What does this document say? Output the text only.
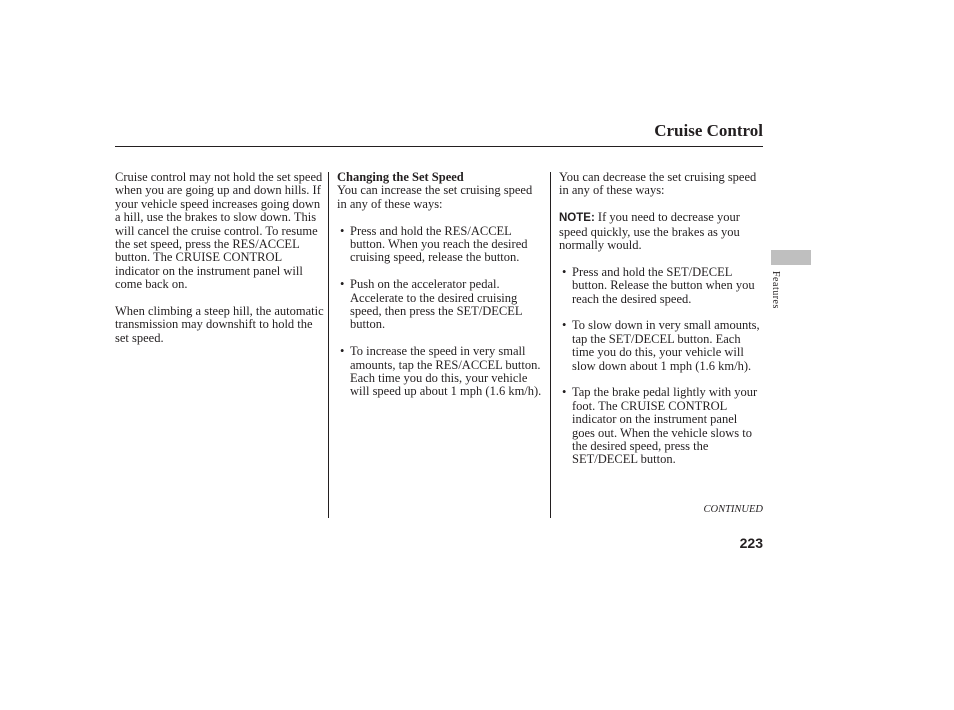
Cruise Control

Cruise control may not hold the set speed when you are going up and down hills. If your vehicle speed increases going down a hill, use the brakes to slow down. This will cancel the cruise control. To resume the set speed, press the RES/ACCEL button. The CRUISE CONTROL indicator on the instrument panel will come back on.

When climbing a steep hill, the automatic transmission may downshift to hold the set speed.

Changing the Set Speed
You can increase the set cruising speed in any of these ways:

• Press and hold the RES/ACCEL button. When you reach the desired cruising speed, release the button.
• Push on the accelerator pedal. Accelerate to the desired cruising speed, then press the SET/DECEL button.
• To increase the speed in very small amounts, tap the RES/ACCEL button. Each time you do this, your vehicle will speed up about 1 mph (1.6 km/h).

You can decrease the set cruising speed in any of these ways:

NOTE: If you need to decrease your speed quickly, use the brakes as you normally would.

• Press and hold the SET/DECEL button. Release the button when you reach the desired speed.
• To slow down in very small amounts, tap the SET/DECEL button. Each time you do this, your vehicle will slow down about 1 mph (1.6 km/h).
• Tap the brake pedal lightly with your foot. The CRUISE CONTROL indicator on the instrument panel goes out. When the vehicle slows to the desired speed, press the SET/DECEL button.
Features
CONTINUED
223
